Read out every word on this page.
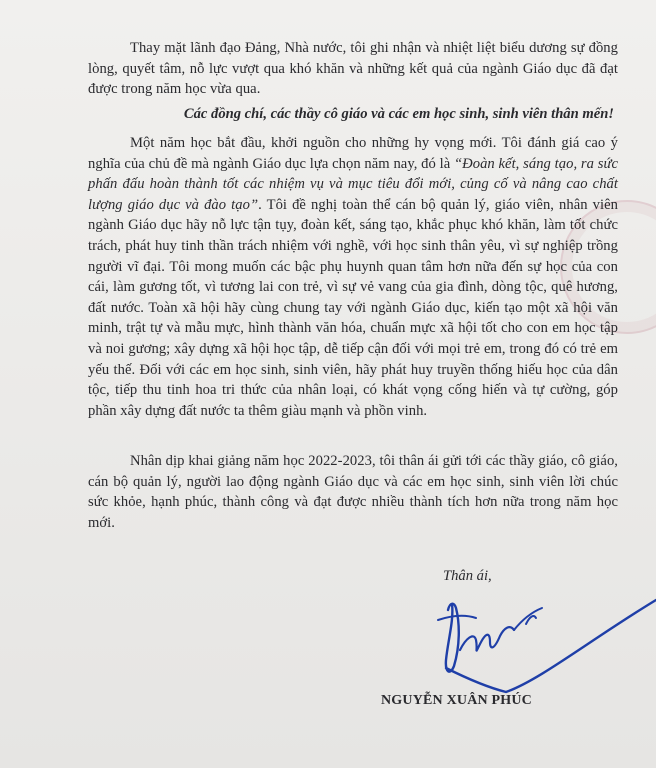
Thay mặt lãnh đạo Đảng, Nhà nước, tôi ghi nhận và nhiệt liệt biểu dương sự đồng lòng, quyết tâm, nỗ lực vượt qua khó khăn và những kết quả của ngành Giáo dục đã đạt được trong năm học vừa qua.

Các đồng chí, các thầy cô giáo và các em học sinh, sinh viên thân mến!

Một năm học bắt đầu, khởi nguồn cho những hy vọng mới. Tôi đánh giá cao ý nghĩa của chủ đề mà ngành Giáo dục lựa chọn năm nay, đó là “Đoàn kết, sáng tạo, ra sức phấn đấu hoàn thành tốt các nhiệm vụ và mục tiêu đổi mới, củng cố và nâng cao chất lượng giáo dục và đào tạo”. Tôi đề nghị toàn thể cán bộ quản lý, giáo viên, nhân viên ngành Giáo dục hãy nỗ lực tận tụy, đoàn kết, sáng tạo, khắc phục khó khăn, làm tốt chức trách, phát huy tinh thần trách nhiệm với nghề, với học sinh thân yêu, vì sự nghiệp trồng người vĩ đại. Tôi mong muốn các bậc phụ huynh quan tâm hơn nữa đến sự học của con cái, làm gương tốt, vì tương lai con trẻ, vì sự vẻ vang của gia đình, dòng tộc, quê hương, đất nước. Toàn xã hội hãy cùng chung tay với ngành Giáo dục, kiến tạo một xã hội văn minh, trật tự và mẫu mực, hình thành văn hóa, chuẩn mực xã hội tốt cho con em học tập và noi gương; xây dựng xã hội học tập, dễ tiếp cận đối với mọi trẻ em, trong đó có trẻ em yếu thế. Đối với các em học sinh, sinh viên, hãy phát huy truyền thống hiếu học của dân tộc, tiếp thu tinh hoa tri thức của nhân loại, có khát vọng cống hiến và tự cường, góp phần xây dựng đất nước ta thêm giàu mạnh và phồn vinh.

Nhân dịp khai giảng năm học 2022-2023, tôi thân ái gửi tới các thầy giáo, cô giáo, cán bộ quản lý, người lao động ngành Giáo dục và các em học sinh, sinh viên lời chúc sức khỏe, hạnh phúc, thành công và đạt được nhiều thành tích hơn nữa trong năm học mới.

Thân ái,
NGUYỄN XUÂN PHÚC
